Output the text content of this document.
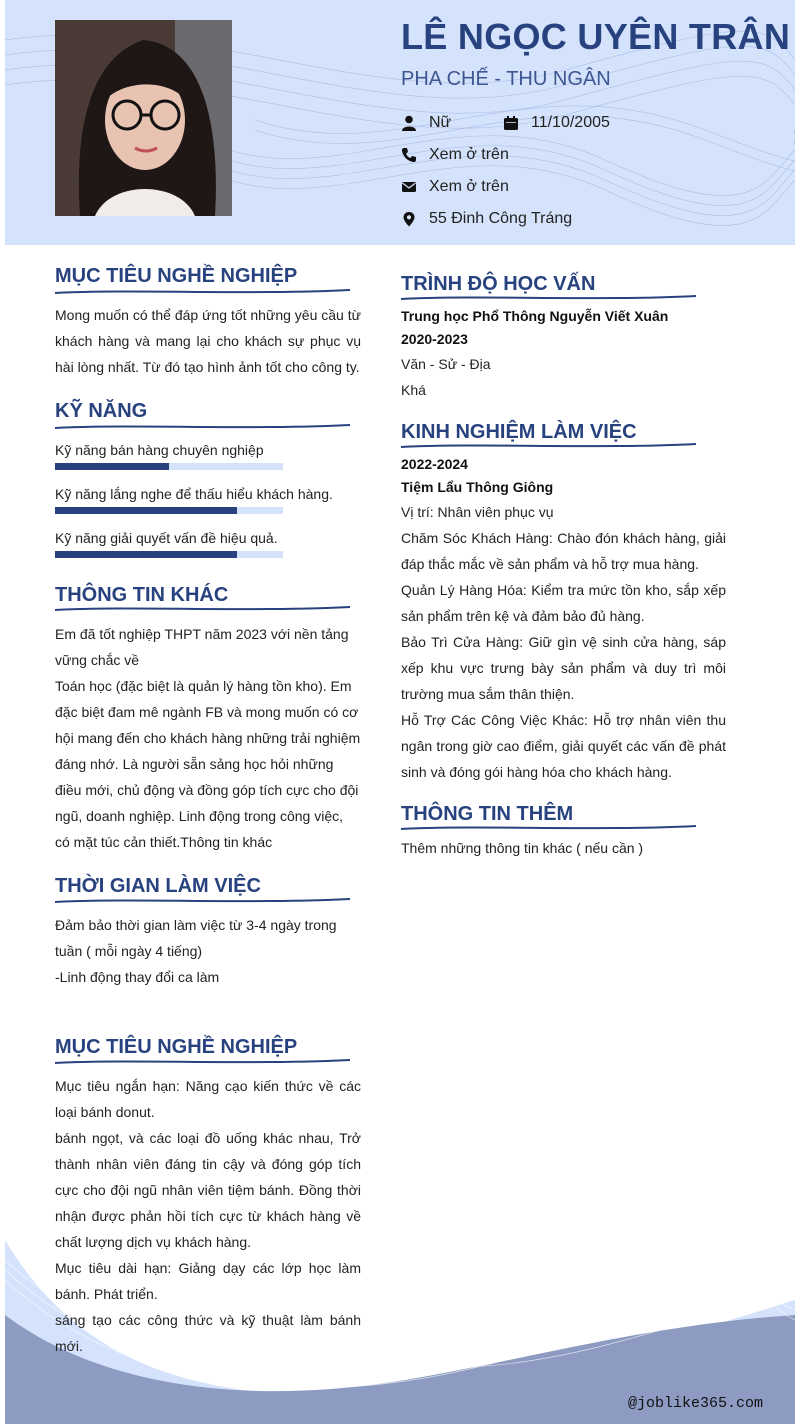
LÊ NGỌC UYÊN TRÂN

PHA CHẾ - THU NGÂN

Nữ	11/10/2005
Xem ở trên
Xem ở trên
55 Đinh Công Tráng
MỤC TIÊU NGHỀ NGHIỆP

Mong muốn có thể đáp ứng tốt những yêu cầu từ khách hàng và mang lại cho khách sự phục vụ hài lòng nhất. Từ đó tạo hình ảnh tốt cho công ty.

KỸ NĂNG

Kỹ năng bán hàng chuyên nghiệp

Kỹ năng lắng nghe để thấu hiểu khách hàng.

Kỹ năng giải quyết vấn đề hiệu quả.

THÔNG TIN KHÁC

Em đã tốt nghiệp THPT năm 2023 với nền tảng vững chắc về

Toán học (đặc biệt là quản lý hàng tồn kho). Em đặc biệt đam mê ngành FB và mong muốn có cơ hội mang đến cho khách hàng những trải nghiệm đáng nhớ. Là người sẵn sảng học hỏi những điều mới, chủ động và đồng góp tích cực cho đội ngũ, doanh nghiệp. Linh động trong công việc, có mặt túc cản thiết.Thông tin khác

THỜI GIAN LÀM VIỆC

Đảm bảo thời gian làm việc từ 3-4 ngày trong tuần ( mỗi ngày 4 tiếng)

-Linh động thay đổi ca làm

MỤC TIÊU NGHỀ NGHIỆP

Mục tiêu ngắn hạn: Năng cạo kiến thức về các loại bánh donut.

bánh ngọt, và các loại đồ uống khác nhau, Trở thành nhân viên đáng tin cậy và đóng góp tích cực cho đội ngũ nhân viên tiệm bánh. Đồng thời nhận được phản hồi tích cực từ khách hàng về chất lượng dịch vụ khách hàng.

Mục tiêu dài hạn: Giảng dạy các lớp học làm bánh. Phát triển.

sáng tạo các công thức và kỹ thuật làm bánh mới.

TRÌNH ĐỘ HỌC VẤN

Trung học Phổ Thông Nguyễn Viết Xuân

2020-2023

Văn - Sử - Địa

Khá

KINH NGHIỆM LÀM VIỆC

2022-2024

Tiệm Lẩu Thông Giông

Vị trí: Nhân viên phục vụ

Chăm Sóc Khách Hàng: Chào đón khách hàng, giải đáp thắc mắc về sản phẩm và hỗ trợ mua hàng.

Quản Lý Hàng Hóa: Kiểm tra mức tồn kho, sắp xếp sản phẩm trên kệ và đảm bảo đủ hàng.

Bảo Trì Cửa Hàng: Giữ gìn vệ sinh cửa hàng, sáp xếp khu vực trưng bày sản phẩm và duy trì môi trường mua sắm thân thiện.

Hỗ Trợ Các Công Việc Khác: Hỗ trợ nhân viên thu ngân trong giờ cao điểm, giải quyết các vấn đề phát sinh và đóng gói hàng hóa cho khách hàng.

THÔNG TIN THÊM

Thêm những thông tin khác ( nếu cần )

@joblike365.com
